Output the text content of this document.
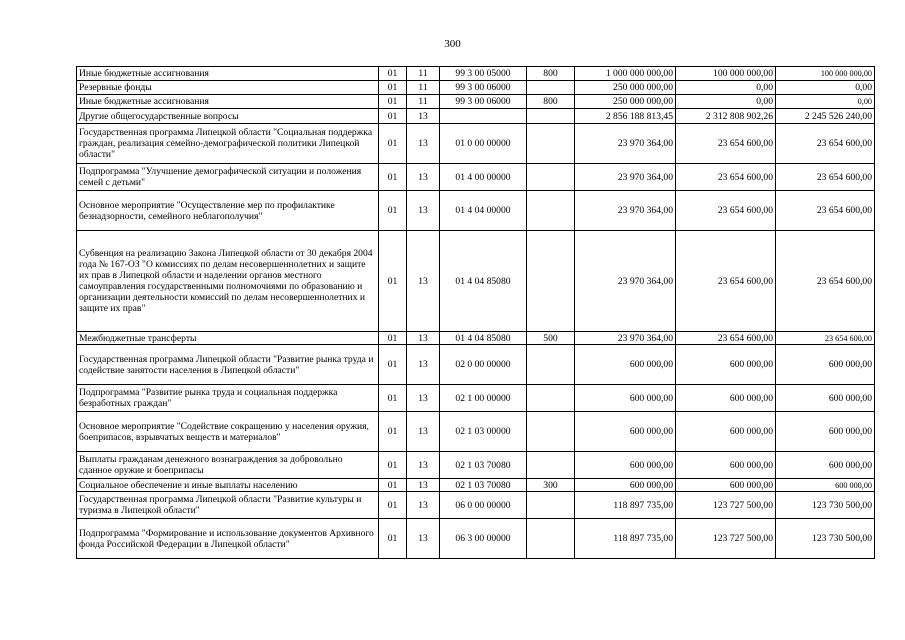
300
Иные бюджетные ассигнования	01	11	99 3 00 05000	800	1 000 000 000,00	100 000 000,00	100 000 000,00
Резервные фонды	01	11	99 3 00 06000		250 000 000,00	0,00	0,00
Иные бюджетные ассигнования	01	11	99 3 00 06000	800	250 000 000,00	0,00	0,00
Другие общегосударственные вопросы	01	13			2 856 188 813,45	2 312 808 902,26	2 245 526 240,00
Государственная программа Липецкой области "Социальная поддержка граждан, реализация семейно-демографической политики Липецкой области"	01	13	01 0 00 00000		23 970 364,00	23 654 600,00	23 654 600,00
Подпрограмма "Улучшение демографической ситуации и положения семей с детьми"	01	13	01 4 00 00000		23 970 364,00	23 654 600,00	23 654 600,00
Основное мероприятие "Осуществление мер по профилактике безнадзорности, семейного неблагополучия"	01	13	01 4 04 00000		23 970 364,00	23 654 600,00	23 654 600,00
Субвенция на реализацию Закона Липецкой области от 30 декабря 2004 года № 167-ОЗ "О комиссиях по делам несовершеннолетних и защите их прав в Липецкой области и наделении органов местного самоуправления государственными полномочиями по образованию и организации деятельности комиссий по делам несовершеннолетних и защите их прав"	01	13	01 4 04 85080		23 970 364,00	23 654 600,00	23 654 600,00
Межбюджетные трансферты	01	13	01 4 04 85080	500	23 970 364,00	23 654 600,00	23 654 600,00
Государственная программа Липецкой области "Развитие рынка труда и содействие занятости населения в Липецкой области"	01	13	02 0 00 00000		600 000,00	600 000,00	600 000,00
Подпрограмма "Развитие рынка труда и социальная поддержка безработных граждан"	01	13	02 1 00 00000		600 000,00	600 000,00	600 000,00
Основное мероприятие "Содействие сокращению у населения оружия, боеприпасов, взрывчатых веществ и материалов"	01	13	02 1 03 00000		600 000,00	600 000,00	600 000,00
Выплаты гражданам денежного вознаграждения за добровольно сданное оружие и боеприпасы	01	13	02 1 03 70080		600 000,00	600 000,00	600 000,00
Социальное обеспечение и иные выплаты населению	01	13	02 1 03 70080	300	600 000,00	600 000,00	600 000,00
Государственная программа Липецкой области "Развитие культуры и туризма в Липецкой области"	01	13	06 0 00 00000		118 897 735,00	123 727 500,00	123 730 500,00
Подпрограмма "Формирование и использование документов Архивного фонда Российской Федерации в Липецкой области"	01	13	06 3 00 00000		118 897 735,00	123 727 500,00	123 730 500,00
